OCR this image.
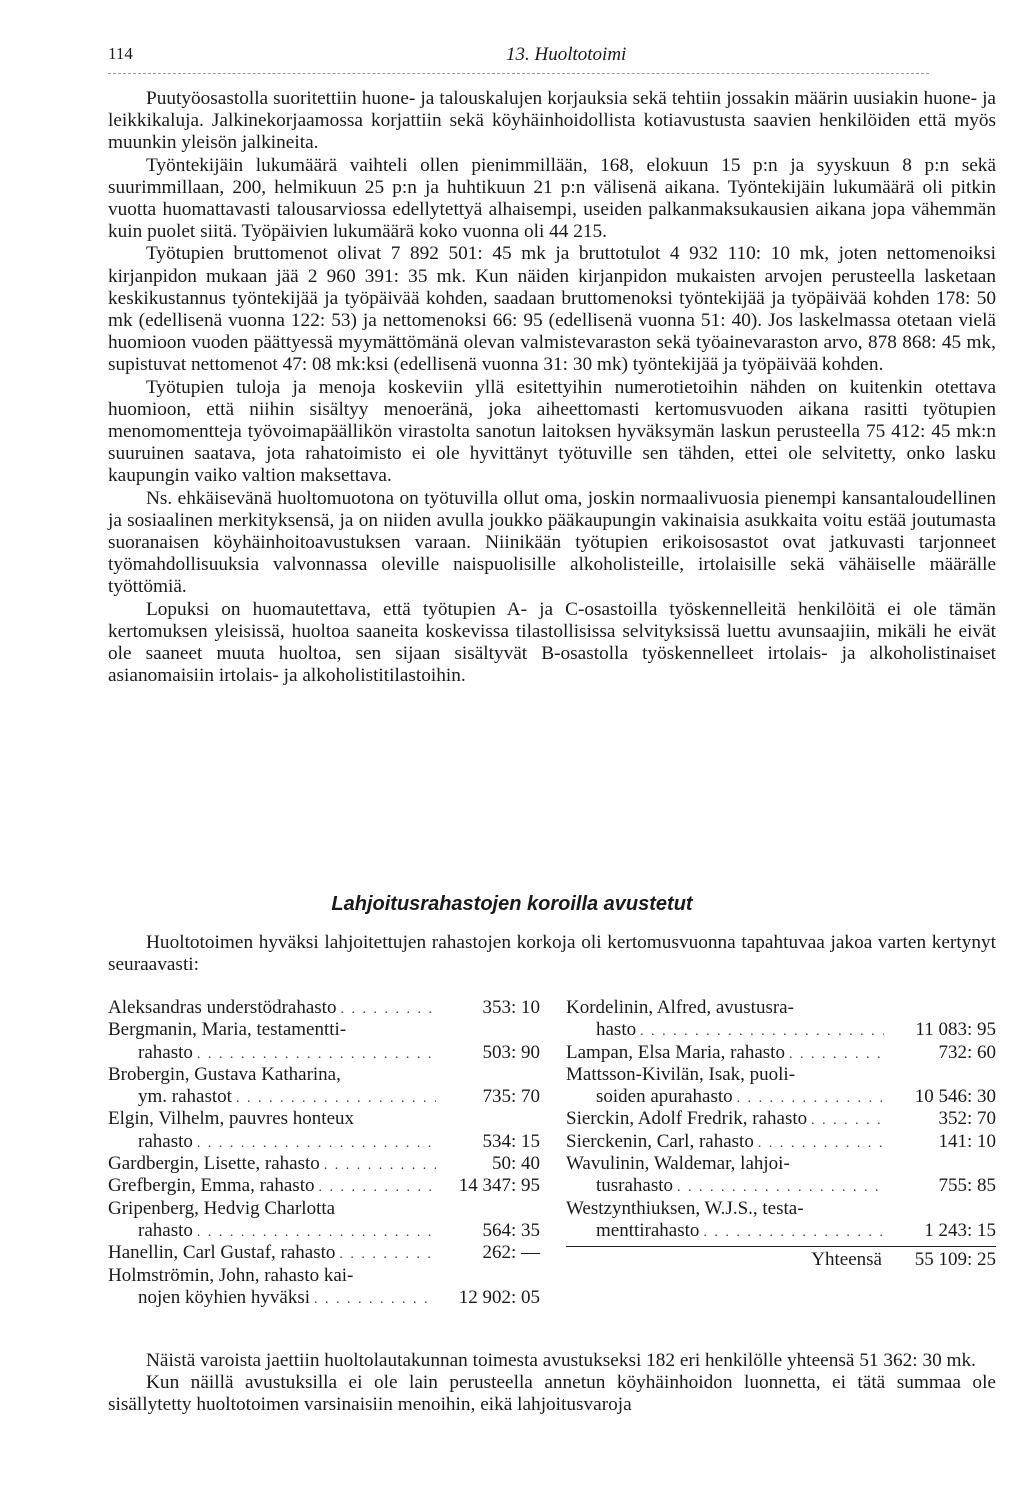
114	13. Huoltotoimi

Puutyöosastolla suoritettiin huone- ja talouskalujen korjauksia sekä tehtiin jossakin määrin uusiakin huone- ja leikkikaluja. Jalkinekorjaamossa korjattiin sekä köyhäinhoidollista kotiavustusta saavien henkilöiden että myös muunkin yleisön jalkineita.

Työntekijäin lukumäärä vaihteli ollen pienimmillään, 168, elokuun 15 p:n ja syyskuun 8 p:n sekä suurimmillaan, 200, helmikuun 25 p:n ja huhtikuun 21 p:n välisenä aikana. Työntekijäin lukumäärä oli pitkin vuotta huomattavasti talousarviossa edellytettyä alhaisempi, useiden palkanmaksukausien aikana jopa vähemmän kuin puolet siitä. Työpäivien lukumäärä koko vuonna oli 44 215.

Työtupien bruttomenot olivat 7 892 501: 45 mk ja bruttotulot 4 932 110: 10 mk, joten nettomenoiksi kirjanpidon mukaan jää 2 960 391: 35 mk. Kun näiden kirjanpidon mukaisten arvojen perusteella lasketaan keskikustannus työntekijää ja työpäivää kohden, saadaan bruttomenoksi työntekijää ja työpäivää kohden 178: 50 mk (edellisenä vuonna 122: 53) ja nettomenoksi 66: 95 (edellisenä vuonna 51: 40). Jos laskelmassa otetaan vielä huomioon vuoden päättyessä myymättömänä olevan valmistevaraston sekä työainevaraston arvo, 878 868: 45 mk, supistuvat nettomenot 47: 08 mk:ksi (edellisenä vuonna 31: 30 mk) työntekijää ja työpäivää kohden.

Työtupien tuloja ja menoja koskeviin yllä esitettyihin numerotietoihin nähden on kuitenkin otettava huomioon, että niihin sisältyy menoeränä, joka aiheettomasti kertomusvuoden aikana rasitti työtupien menomomentteja työvoimapäällikön virastolta sanotun laitoksen hyväksymän laskun perusteella 75 412: 45 mk:n suuruinen saatava, jota rahatoimisto ei ole hyvittänyt työtuville sen tähden, ettei ole selvitetty, onko lasku kaupungin vaiko valtion maksettava.

Ns. ehkäisevänä huoltomuotona on työtuvilla ollut oma, joskin normaalivuosia pienempi kansantaloudellinen ja sosiaalinen merkityksensä, ja on niiden avulla joukko pääkaupungin vakinaisia asukkaita voitu estää joutumasta suoranaisen köyhäinhoitoavustuksen varaan. Niinikään työtupien erikoisosastot ovat jatkuvasti tarjonneet työmahdollisuuksia valvonnassa oleville naispuolisille alkoholisteille, irtolaisille sekä vähäiselle määrälle työttömiä.

Lopuksi on huomautettava, että työtupien A- ja C-osastoilla työskennelleitä henkilöitä ei ole tämän kertomuksen yleisissä, huoltoa saaneita koskevissa tilastollisissa selvityksissä luettu avunsaajiin, mikäli he eivät ole saaneet muuta huoltoa, sen sijaan sisältyvät B-osastolla työskennelleet irtolais- ja alkoholistinaiset asianomaisiin irtolais- ja alkoholistitilastoihin.

Lahjoitusrahastojen koroilla avustetut

Huoltotoimen hyväksi lahjoitettujen rahastojen korkoja oli kertomusvuonna tapahtuvaa jakoa varten kertynyt seuraavasti:

Aleksandras understödrahasto . . .	353: 10
Bergmanin, Maria, testamentti-
rahasto . . .	503: 90
Brobergin, Gustava Katharina,
ym. rahastot . . .	735: 70
Elgin, Vilhelm, pauvres honteux
rahasto . . .	534: 15
Gardbergin, Lisette, rahasto . . .	50: 40
Grefbergin, Emma, rahasto . . .	14 347: 95
Gripenberg, Hedvig Charlotta
rahasto . . .	564: 35
Hanellin, Carl Gustaf, rahasto . . .	262: —
Holmströmin, John, rahasto kai-
nojen köyhien hyväksi . . .	12 902: 05
Kordelinin, Alfred, avustusra-
hasto . . .	11 083: 95
Lampan, Elsa Maria, rahasto . . .	732: 60
Mattsson-Kivilän, Isak, puoli-
soiden apurahasto . . .	10 546: 30
Sierckin, Adolf Fredrik, rahasto . . .	352: 70
Sierckenin, Carl, rahasto . . .	141: 10
Wavulinin, Waldemar, lahjoi-
tusrahasto . . .	755: 85
Westzynthiuksen, W.J.S., testa-
menttirahasto . . .	1 243: 15
Yhteensä	55 109: 25

Näistä varoista jaettiin huoltolautakunnan toimesta avustukseksi 182 eri henkilölle yhteensä 51 362: 30 mk.

Kun näillä avustuksilla ei ole lain perusteella annetun köyhäinhoidon luonnetta, ei tätä summaa ole sisällytetty huoltotoimen varsinaisiin menoihin, eikä lahjoitusvaroja
